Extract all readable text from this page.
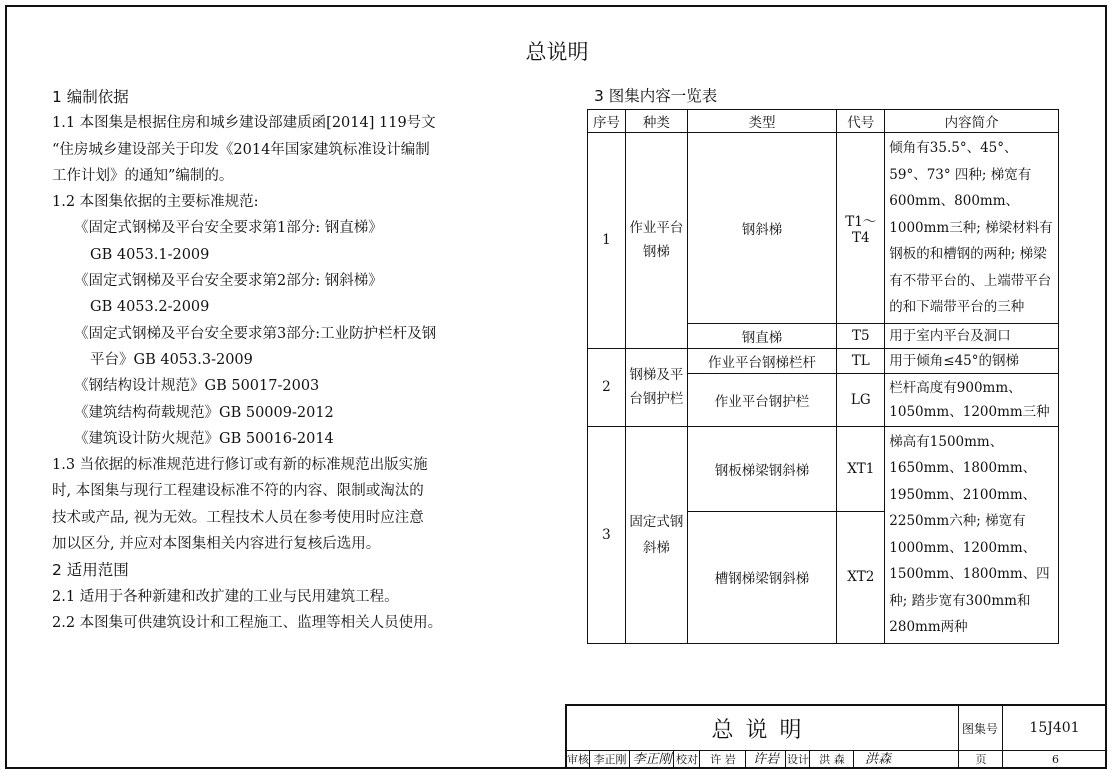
总说明
1 编制依据
1.1 本图集是根据住房和城乡建设部建质函[2014] 119号文
“住房城乡建设部关于印发《2014年国家建筑标准设计编制
工作计划》的通知”编制的。
1.2 本图集依据的主要标准规范:
《固定式钢梯及平台安全要求第1部分: 钢直梯》
GB 4053.1-2009
《固定式钢梯及平台安全要求第2部分: 钢斜梯》
GB 4053.2-2009
《固定式钢梯及平台安全要求第3部分:工业防护栏杆及钢
平台》GB 4053.3-2009
《钢结构设计规范》GB 50017-2003
《建筑结构荷载规范》GB 50009-2012
《建筑设计防火规范》GB 50016-2014
1.3 当依据的标准规范进行修订或有新的标准规范出版实施
时, 本图集与现行工程建设标准不符的内容、限制或淘汰的
技术或产品, 视为无效。工程技术人员在参考使用时应注意
加以区分, 并应对本图集相关内容进行复核后选用。
2 适用范围
2.1 适用于各种新建和改扩建的工业与民用建筑工程。
2.2 本图集可供建筑设计和工程施工、监理等相关人员使用。
3 图集内容一览表
序号	种类	类型	代号	内容简介
1	作业平台钢梯	钢斜梯	T1～T4	倾角有35.5°、45°、59°、73° 四种; 梯宽有600mm、800mm、1000mm三种; 梯梁材料有钢板的和槽钢的两种; 梯梁有不带平台的、上端带平台的和下端带平台的三种
		钢直梯	T5	用于室内平台及洞口
2	钢梯及平台钢护栏	作业平台钢梯栏杆	TL	用于倾角≤45°的钢梯
		作业平台钢护栏	LG	栏杆高度有900mm、1050mm、1200mm三种
3	固定式钢斜梯	钢板梯梁钢斜梯	XT1	梯高有1500mm、1650mm、1800mm、1950mm、2100mm、2250mm六种; 梯宽有1000mm、1200mm、1500mm、1800mm、四种; 踏步宽有300mm和280mm两种
		槽钢梯梁钢斜梯	XT2	
总说明	图集号	15J401
审核 李正刚 李正刚 校对	许 岩	许岩 设计 洪 森	洪森	页	6
